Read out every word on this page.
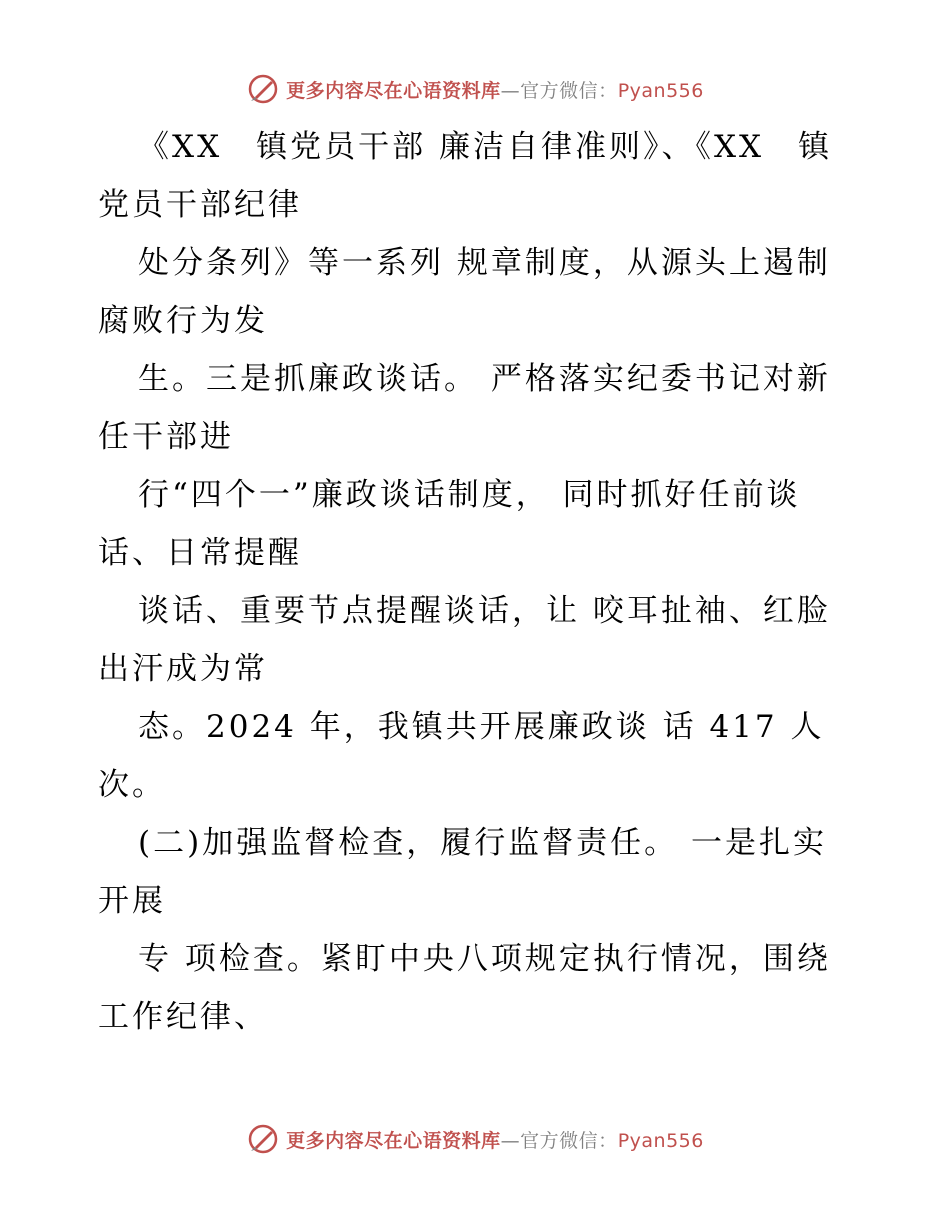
更多内容尽在心语资料库—官方微信：Pyan556
《XX　镇党员干部 廉洁自律准则》、《XX　镇
党员干部纪律
处分条列》等一系列 规章制度，从源头上遏制
腐败行为发
生。三是抓廉政谈话。 严格落实纪委书记对新
任干部进
行“四个一”廉政谈话制度， 同时抓好任前谈
话、日常提醒
谈话、重要节点提醒谈话，让 咬耳扯袖、红脸
出汗成为常
态。2024 年，我镇共开展廉政谈 话 417 人
次。
(二)加强监督检查，履行监督责任。 一是扎实
开展
专 项检查。紧盯中央八项规定执行情况，围绕
工作纪律、
更多内容尽在心语资料库—官方微信：Pyan556
